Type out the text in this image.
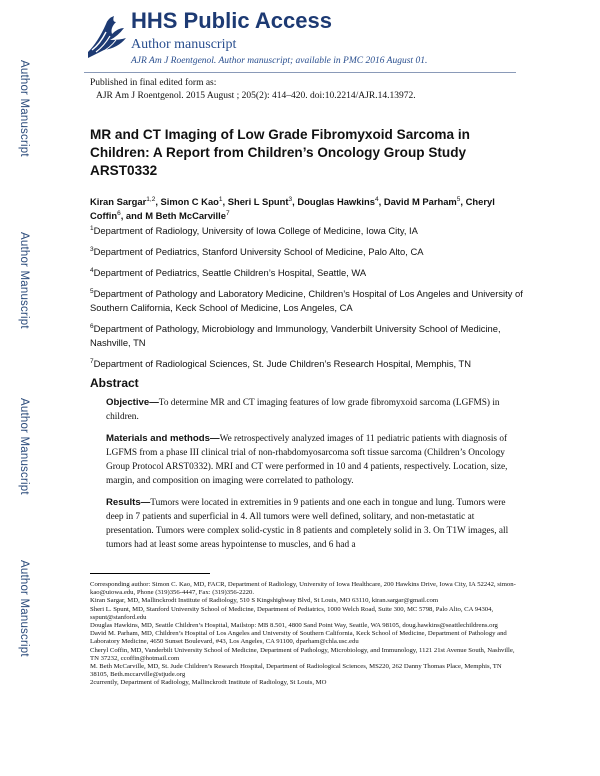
Author Manuscript
Author Manuscript
Author Manuscript
Author Manuscript
HHS Public Access
Author manuscript
AJR Am J Roentgenol. Author manuscript; available in PMC 2016 August 01.
Published in final edited form as:
AJR Am J Roentgenol. 2015 August ; 205(2): 414–420. doi:10.2214/AJR.14.13972.
MR and CT Imaging of Low Grade Fibromyxoid Sarcoma in Children: A Report from Children’s Oncology Group Study ARST0332
Kiran Sargar$^{1,2}$, Simon C Kao$^1$, Sheri L Spunt$^3$, Douglas Hawkins$^4$, David M Parham$^5$, Cheryl Coffin$^6$, and M Beth McCarville$^7$

$^1$Department of Radiology, University of Iowa College of Medicine, Iowa City, IA

$^3$Department of Pediatrics, Stanford University School of Medicine, Palo Alto, CA

$^4$Department of Pediatrics, Seattle Children’s Hospital, Seattle, WA

$^5$Department of Pathology and Laboratory Medicine, Children’s Hospital of Los Angeles and University of Southern California, Keck School of Medicine, Los Angeles, CA

$^6$Department of Pathology, Microbiology and Immunology, Vanderbilt University School of Medicine, Nashville, TN

$^7$Department of Radiological Sciences, St. Jude Children’s Research Hospital, Memphis, TN

Abstract

Objective—To determine MR and CT imaging features of low grade fibromyxoid sarcoma (LGFMS) in children.

Materials and methods—We retrospectively analyzed images of 11 pediatric patients with diagnosis of LGFMS from a phase III clinical trial of non-rhabdomyosarcoma soft tissue sarcoma (Children’s Oncology Group Protocol ARST0332). MRI and CT were performed in 10 and 4 patients, respectively. Location, size, margin, and composition on imaging were correlated to pathology.

Results—Tumors were located in extremities in 9 patients and one each in tongue and lung. Tumors were deep in 7 patients and superficial in 4. All tumors were well defined, solitary, and non-metastatic at presentation. Tumors were complex solid-cystic in 8 patients and completely solid in 3. On T1W images, all tumors had at least some areas hypointense to muscles, and 6 had a

Corresponding author: Simon C. Kao, MD, FACR, Department of Radiology, University of Iowa Healthcare, 200 Hawkins Drive, Iowa City, IA 52242, simon-kao@uiowa.edu, Phone (319)356-4447, Fax: (319)356-2220.

Kiran Sargar, MD, Mallinckrodt Institute of Radiology, 510 S Kingshighway Blvd, St Louis, MO 63110, kiran.sargar@gmail.com

Sheri L. Spunt, MD, Stanford University School of Medicine, Department of Pediatrics, 1000 Welch Road, Suite 300, MC 5798, Palo Alto, CA 94304, sspunt@stanford.edu

Douglas Hawkins, MD, Seattle Children’s Hospital, Mailstop: MB 8.501, 4800 Sand Point Way, Seattle, WA 98105, doug.hawkins@seattlechildrens.org

David M. Parham, MD, Children’s Hospital of Los Angeles and University of Southern California, Keck School of Medicine, Department of Pathology and Laboratory Medicine, 4650 Sunset Boulevard, #43, Los Angeles, CA 91100, dparham@chla.usc.edu

Cheryl Coffin, MD, Vanderbilt University School of Medicine, Department of Pathology, Microbiology, and Immunology, 1121 21st Avenue South, Nashville, TN 37232, ccoffin@hotmail.com

M. Beth McCarville, MD, St. Jude Children’s Research Hospital, Department of Radiological Sciences, MS220, 262 Danny Thomas Place, Memphis, TN 38105, Beth.mccarville@stjude.org

2currently, Department of Radiology, Mallinckrodt Institute of Radiology, St Louis, MO
